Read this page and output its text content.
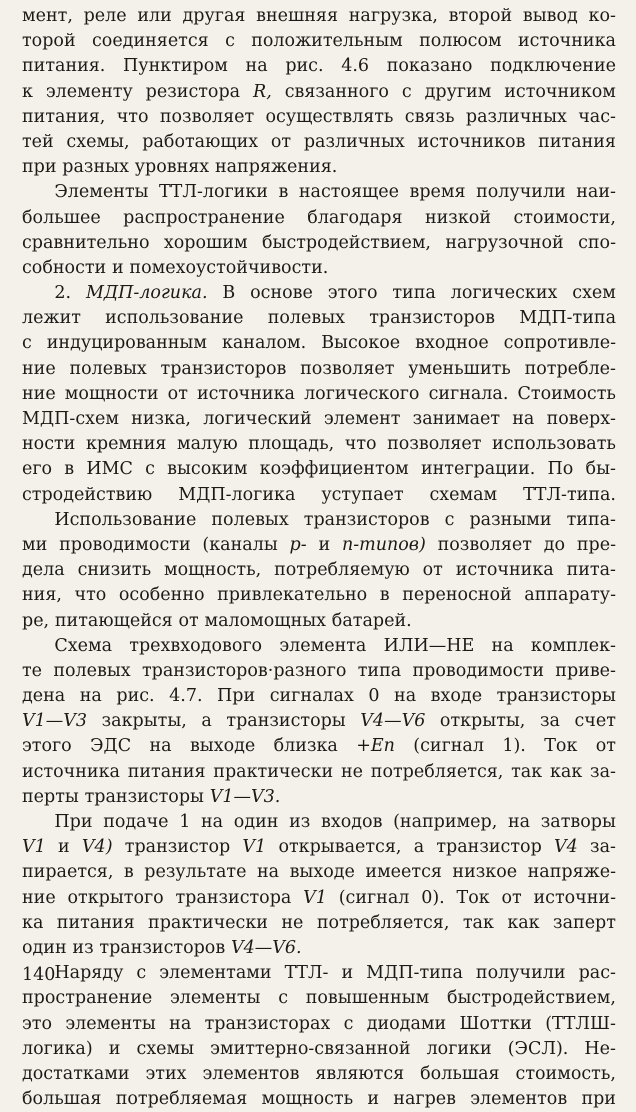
мент, реле или другая внешняя нагрузка, второй вывод ко-
торой соединяется с положительным полюсом источника
питания. Пунктиром на рис. 4.6 показано подключение
к элементу резистора R, связанного с другим источником
питания, что позволяет осуществлять связь различных час-
тей схемы, работающих от различных источников питания
при разных уровнях напряжения.
Элементы ТТЛ-логики в настоящее время получили наи-
большее распространение благодаря низкой стоимости,
сравнительно хорошим быстродействием, нагрузочной спо-
собности и помехоустойчивости.
2. МДП-логика. В основе этого типа логических схем
лежит использование полевых транзисторов МДП-типа
с индуцированным каналом. Высокое входное сопротивле-
ние полевых транзисторов позволяет уменьшить потребле-
ние мощности от источника логического сигнала. Стоимость
МДП-схем низка, логический элемент занимает на поверх-
ности кремния малую площадь, что позволяет использовать
его в ИМС с высоким коэффициентом интеграции. По бы-
стродействию МДП-логика уступает схемам ТТЛ-типа.
Использование полевых транзисторов с разными типа-
ми проводимости (каналы p- и n-типов) позволяет до пре-
дела снизить мощность, потребляемую от источника пита-
ния, что особенно привлекательно в переносной аппарату-
ре, питающейся от маломощных батарей.
Схема трехвходового элемента ИЛИ—НЕ на комплек-
те полевых транзисторов·разного типа проводимости приве-
дена на рис. 4.7. При сигналах 0 на входе транзисторы
V1—V3 закрыты, а транзисторы V4—V6 открыты, за счет
этого ЭДС на выходе близка +Eп (сигнал 1). Ток от
источника питания практически не потребляется, так как за-
перты транзисторы V1—V3.
При подаче 1 на один из входов (например, на затворы
V1 и V4) транзистор V1 открывается, а транзистор V4 за-
пирается, в результате на выходе имеется низкое напряже-
ние открытого транзистора V1 (сигнал 0). Ток от источни-
ка питания практически не потребляется, так как заперт
один из транзисторов V4—V6.
Наряду с элементами ТТЛ- и МДП-типа получили рас-
пространение элементы с повышенным быстродействием,
это элементы на транзисторах с диодами Шоттки (ТТЛШ-
логика) и схемы эмиттерно-связанной логики (ЭСЛ). Не-
достатками этих элементов являются большая стоимость,
большая потребляемая мощность и нагрев элементов при
140
